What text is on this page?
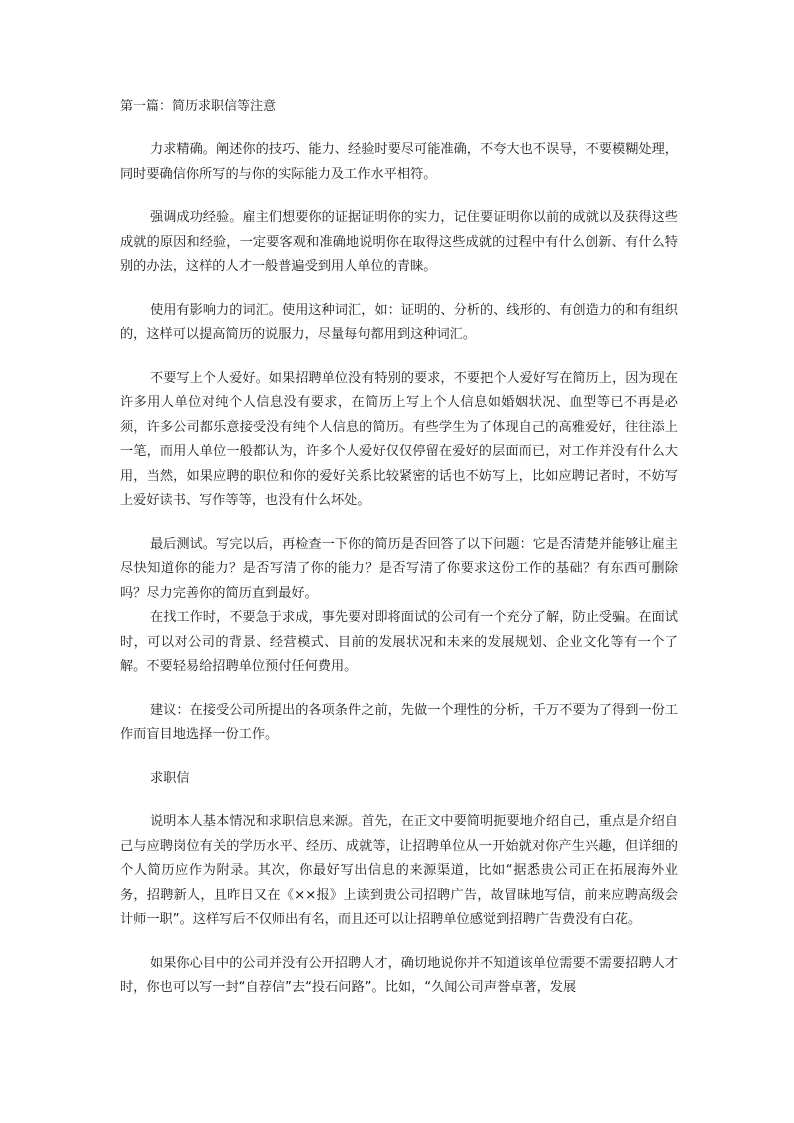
第一篇：简历求职信等注意

力求精确。阐述你的技巧、能力、经验时要尽可能准确，不夸大也不误导，不要模糊处理，同时要确信你所写的与你的实际能力及工作水平相符。

强调成功经验。雇主们想要你的证据证明你的实力，记住要证明你以前的成就以及获得这些成就的原因和经验，一定要客观和准确地说明你在取得这些成就的过程中有什么创新、有什么特别的办法，这样的人才一般普遍受到用人单位的青睐。

使用有影响力的词汇。使用这种词汇，如：证明的、分析的、线形的、有创造力的和有组织的，这样可以提高简历的说服力，尽量每句都用到这种词汇。

不要写上个人爱好。如果招聘单位没有特别的要求，不要把个人爱好写在简历上，因为现在许多用人单位对纯个人信息没有要求，在简历上写上个人信息如婚姻状况、血型等已不再是必须，许多公司都乐意接受没有纯个人信息的简历。有些学生为了体现自己的高雅爱好，往往添上一笔，而用人单位一般都认为，许多个人爱好仅仅停留在爱好的层面而已，对工作并没有什么大用，当然，如果应聘的职位和你的爱好关系比较紧密的话也不妨写上，比如应聘记者时，不妨写上爱好读书、写作等等，也没有什么坏处。

最后测试。写完以后，再检查一下你的简历是否回答了以下问题：它是否清楚并能够让雇主尽快知道你的能力？是否写清了你的能力？是否写清了你要求这份工作的基础？有东西可删除吗？尽力完善你的简历直到最好。

在找工作时，不要急于求成，事先要对即将面试的公司有一个充分了解，防止受骗。在面试时，可以对公司的背景、经营模式、目前的发展状况和未来的发展规划、企业文化等有一个了解。不要轻易给招聘单位预付任何费用。

建议：在接受公司所提出的各项条件之前，先做一个理性的分析，千万不要为了得到一份工作而盲目地选择一份工作。

求职信

说明本人基本情况和求职信息来源。首先，在正文中要简明扼要地介绍自己，重点是介绍自己与应聘岗位有关的学历水平、经历、成就等，让招聘单位从一开始就对你产生兴趣，但详细的个人简历应作为附录。其次，你最好写出信息的来源渠道，比如“据悉贵公司正在拓展海外业务，招聘新人，且昨日又在《××报》上读到贵公司招聘广告，故冒昧地写信，前来应聘高级会计师一职”。这样写后不仅师出有名，而且还可以让招聘单位感觉到招聘广告费没有白花。

如果你心目中的公司并没有公开招聘人才，确切地说你并不知道该单位需要不需要招聘人才时，你也可以写一封“自荐信”去“投石问路”。比如，“久闻公司声誉卓著，发展
